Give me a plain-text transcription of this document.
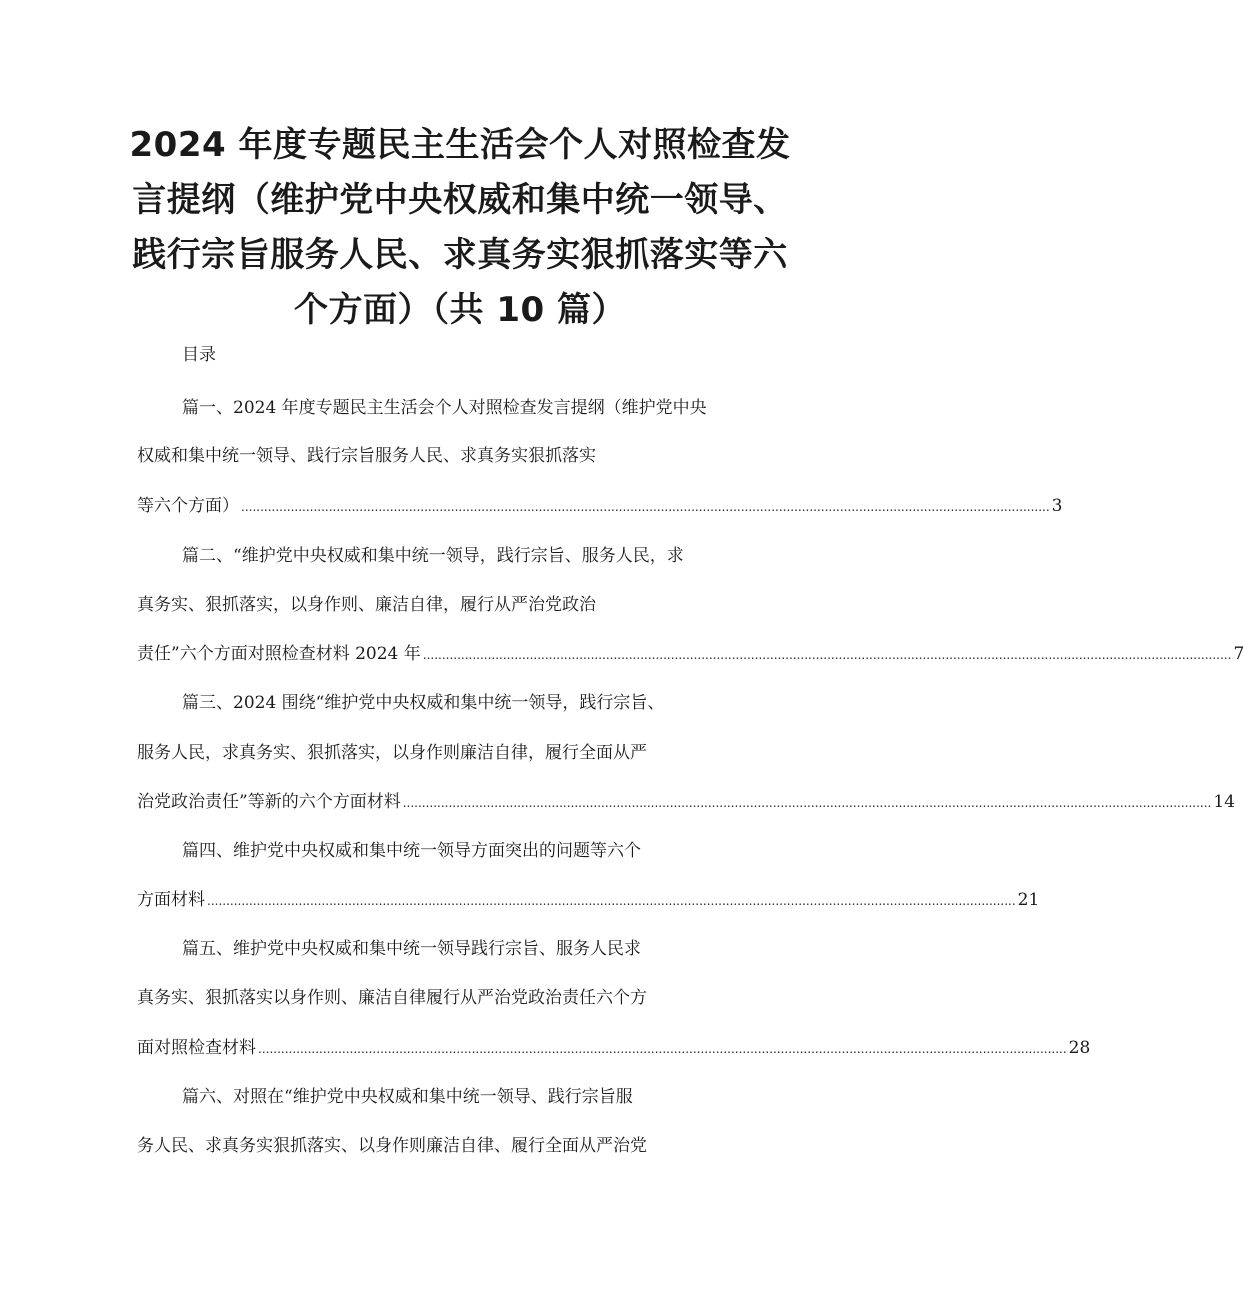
2024 年度专题民主生活会个人对照检查发
言提纲（维护党中央权威和集中统一领导、
践行宗旨服务人民、求真务实狠抓落实等六
个方面）（共 10 篇）
目录
篇一、2024 年度专题民主生活会个人对照检查发言提纲（维护党中央
权威和集中统一领导、践行宗旨服务人民、求真务实狠抓落实
等六个方面） .................................................................................................................................................................................................................... 3
篇二、“维护党中央权威和集中统一领导，践行宗旨、服务人民，求
真务实、狠抓落实，以身作则、廉洁自律，履行从严治党政治
责任”六个方面对照检查材料 2024 年 .................................................................................................................................................................................................................... 7
篇三、2024 围绕“维护党中央权威和集中统一领导，践行宗旨、
服务人民，求真务实、狠抓落实，以身作则廉洁自律，履行全面从严
治党政治责任”等新的六个方面材料 .................................................................................................................................................................................................................... 14
篇四、维护党中央权威和集中统一领导方面突出的问题等六个
方面材料 .................................................................................................................................................................................................................... 21
篇五、维护党中央权威和集中统一领导践行宗旨、服务人民求
真务实、狠抓落实以身作则、廉洁自律履行从严治党政治责任六个方
面对照检查材料 .................................................................................................................................................................................................................... 28
篇六、对照在“维护党中央权威和集中统一领导、践行宗旨服
务人民、求真务实狠抓落实、以身作则廉洁自律、履行全面从严治党
